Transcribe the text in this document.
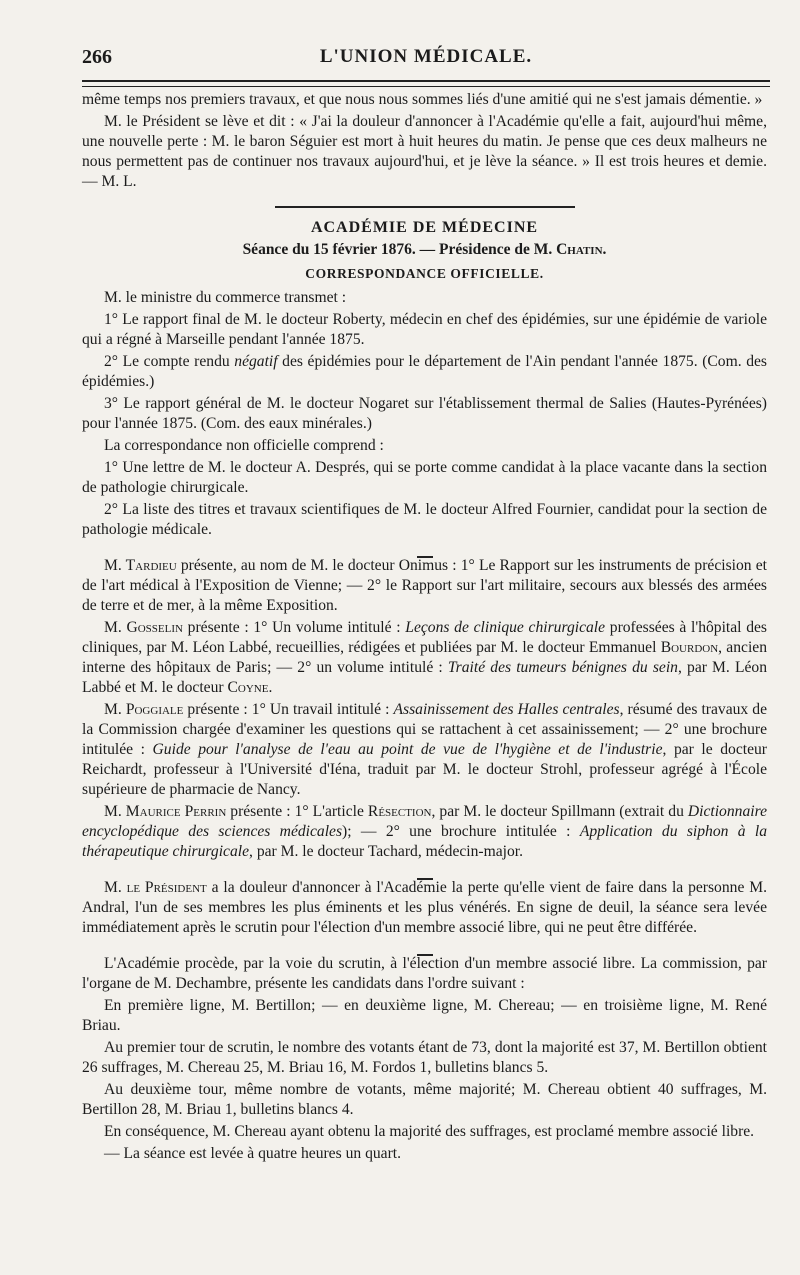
266	L'UNION MÉDICALE.

même temps nos premiers travaux, et que nous nous sommes liés d'une amitié qui ne s'est jamais démentie. »

M. le Président se lève et dit : « J'ai la douleur d'annoncer à l'Académie qu'elle a fait, aujourd'hui même, une nouvelle perte : M. le baron Séguier est mort à huit heures du matin. Je pense que ces deux malheurs ne nous permettent pas de continuer nos travaux aujourd'hui, et je lève la séance. » Il est trois heures et demie. — M. L.

ACADÉMIE DE MÉDECINE
Séance du 15 février 1876. — Présidence de M. Chatin.
CORRESPONDANCE OFFICIELLE.

M. le ministre du commerce transmet :

1° Le rapport final de M. le docteur Roberty, médecin en chef des épidémies, sur une épidémie de variole qui a régné à Marseille pendant l'année 1875.

2° Le compte rendu négatif des épidémies pour le département de l'Ain pendant l'année 1875. (Com. des épidémies.)

3° Le rapport général de M. le docteur Nogaret sur l'établissement thermal de Salies (Hautes-Pyrénées) pour l'année 1875. (Com. des eaux minérales.)

La correspondance non officielle comprend :

1° Une lettre de M. le docteur A. Després, qui se porte comme candidat à la place vacante dans la section de pathologie chirurgicale.

2° La liste des titres et travaux scientifiques de M. le docteur Alfred Fournier, candidat pour la section de pathologie médicale.

M. Tardieu présente, au nom de M. le docteur Onimus : 1° Le Rapport sur les instruments de précision et de l'art médical à l'Exposition de Vienne; — 2° le Rapport sur l'art militaire, secours aux blessés des armées de terre et de mer, à la même Exposition.

M. Gosselin présente : 1° Un volume intitulé : Leçons de clinique chirurgicale professées à l'hôpital des cliniques, par M. Léon Labbé, recueillies, rédigées et publiées par M. le docteur Emmanuel Bourdon, ancien interne des hôpitaux de Paris; — 2° un volume intitulé : Traité des tumeurs bénignes du sein, par M. Léon Labbé et M. le docteur Coyne.

M. Poggiale présente : 1° Un travail intitulé : Assainissement des Halles centrales, résumé des travaux de la Commission chargée d'examiner les questions qui se rattachent à cet assainissement; — 2° une brochure intitulée : Guide pour l'analyse de l'eau au point de vue de l'hygiène et de l'industrie, par le docteur Reichardt, professeur à l'Université d'Iéna, traduit par M. le docteur Strohl, professeur agrégé à l'École supérieure de pharmacie de Nancy.

M. Maurice Perrin présente : 1° L'article Résection, par M. le docteur Spillmann (extrait du Dictionnaire encyclopédique des sciences médicales); — 2° une brochure intitulée : Application du siphon à la thérapeutique chirurgicale, par M. le docteur Tachard, médecin-major.

M. le Président a la douleur d'annoncer à l'Académie la perte qu'elle vient de faire dans la personne M. Andral, l'un de ses membres les plus éminents et les plus vénérés. En signe de deuil, la séance sera levée immédiatement après le scrutin pour l'élection d'un membre associé libre, qui ne peut être différée.

L'Académie procède, par la voie du scrutin, à l'élection d'un membre associé libre. La commission, par l'organe de M. Dechambre, présente les candidats dans l'ordre suivant :

En première ligne, M. Bertillon; — en deuxième ligne, M. Chereau; — en troisième ligne, M. René Briau.

Au premier tour de scrutin, le nombre des votants étant de 73, dont la majorité est 37, M. Bertillon obtient 26 suffrages, M. Chereau 25, M. Briau 16, M. Fordos 1, bulletins blancs 5.

Au deuxième tour, même nombre de votants, même majorité; M. Chereau obtient 40 suffrages, M. Bertillon 28, M. Briau 1, bulletins blancs 4.

En conséquence, M. Chereau ayant obtenu la majorité des suffrages, est proclamé membre associé libre.

— La séance est levée à quatre heures un quart.
